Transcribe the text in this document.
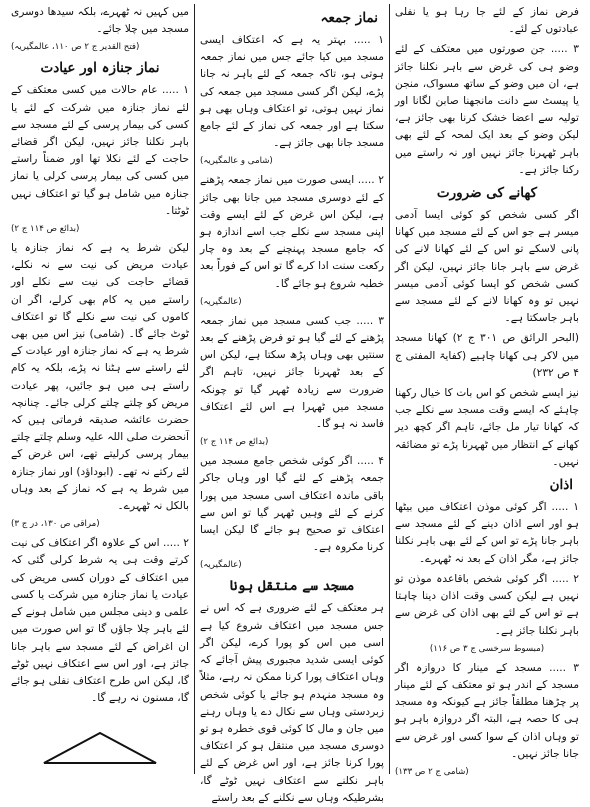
فرض نماز کے لئے جا رہا ہو یا نفلی عبادتوں کے لئے۔

۳ ..... جن صورتوں میں معتکف کے لئے وضو ہی کی غرض سے باہر نکلنا جائز ہے، ان میں وضو کے ساتھ مسواک، منجن یا پیسٹ سے دانت مانجھنا صابن لگانا اور تولیہ سے اعضا خشک کرنا بھی جائز ہے، لیکن وضو کے بعد ایک لمحہ کے لئے بھی باہر ٹھہرنا جائز نہیں اور نہ راستے میں رکنا جائز ہے۔

کھانے کی ضرورت

اگر کسی شخص کو کوئی ایسا آدمی میسر ہے جو اس کے لئے مسجد میں کھانا پانی لاسکے تو اس کے لئے کھانا لانے کی غرض سے باہر جانا جائز نہیں، لیکن اگر کسی شخص کو ایسا کوئی آدمی میسر نہیں تو وہ کھانا لانے کے لئے مسجد سے باہر جاسکتا ہے۔

(البحر الرائق ص ۳۰۱ ج ۲) کھانا مسجد میں لاکر ہی کھانا چاہیے (کفایۃ المفتی ج ۴ ص ۲۳۲)

نیز ایسے شخص کو اس بات کا خیال رکھنا چاہئے کہ ایسے وقت مسجد سے نکلے جب کہ کھانا تیار مل جائے، تاہم اگر کچھ دیر کھانے کے انتظار میں ٹھہرنا پڑے تو مضائقہ نہیں۔

اذان

۱ ..... اگر کوئی موذن اعتکاف میں بیٹھا ہو اور اسے اذان دینے کے لئے مسجد سے باہر جانا پڑے تو اس کے لئے بھی باہر نکلنا جائز ہے، مگر اذان کے بعد نہ ٹھہرے۔

۲ ..... اگر کوئی شخص باقاعدہ موذن تو نہیں ہے لیکن کسی وقت اذان دینا چاہتا ہے تو اس کے لئے بھی اذان کی غرض سے باہر نکلنا جائز ہے۔

(مبسوط سرخسی ج ۳ ص ۱۱۶)

۳ ..... مسجد کے مینار کا دروازہ اگر مسجد کے اندر ہو تو معتکف کے لئے مینار پر چڑھنا مطلقاً جائز ہے کیونکہ وہ مسجد ہی کا حصہ ہے، البتہ اگر دروازہ باہر ہو تو وہاں اذان کے سوا کسی اور غرض سے جانا جائز نہیں۔

(شامی ج ۲ ص ۱۳۳)
نماز جمعہ

۱ ..... بہتر یہ ہے کہ اعتکاف ایسی مسجد میں کیا جائے جس میں نماز جمعہ ہوتی ہو، تاکہ جمعہ کے لئے باہر نہ جانا پڑے، لیکن اگر کسی مسجد میں جمعہ کی نماز نہیں ہوتی، تو اعتکاف وہاں بھی ہو سکتا ہے اور جمعہ کی نماز کے لئے جامع مسجد جانا بھی جائز ہے۔

(شامی و عالمگیریہ)

۲ ..... ایسی صورت میں نماز جمعہ پڑھنے کے لئے دوسری مسجد میں جانا بھی جائز ہے، لیکن اس غرض کے لئے ایسے وقت اپنی مسجد سے نکلے جب اسے اندازہ ہو کہ جامع مسجد پہنچنے کے بعد وہ چار رکعت سنت ادا کرے گا تو اس کے فوراً بعد خطبہ شروع ہو جائے گا۔

(عالمگیریہ)

۳ ..... جب کسی مسجد میں نماز جمعہ پڑھنے کے لئے گیا ہو تو فرض پڑھنے کے بعد سنتیں بھی وہاں پڑھ سکتا ہے، لیکن اس کے بعد ٹھہرنا جائز نہیں، تاہم اگر ضرورت سے زیادہ ٹھہر گیا تو چونکہ مسجد میں ٹھہرا ہے اس لئے اعتکاف فاسد نہ ہو گا۔

(بدائع ص ۱۱۴ ج ۲)

۴ ..... اگر کوئی شخص جامع مسجد میں جمعہ پڑھنے کے لئے گیا اور وہاں جاکر باقی ماندہ اعتکاف اسی مسجد میں پورا کرنے کے لئے وہیں ٹھہر گیا تو اس سے اعتکاف تو صحیح ہو جائے گا لیکن ایسا کرنا مکروہ ہے۔

(عالمگیریہ)
مسجد سے منتقل ہونا

ہر معتکف کے لئے ضروری ہے کہ اس نے جس مسجد میں اعتکاف شروع کیا ہے اسی میں اس کو پورا کرے، لیکن اگر کوئی ایسی شدید مجبوری پیش آجائے کہ وہاں اعتکاف پورا کرنا ممکن نہ رہے، مثلاً وہ مسجد منہدم ہو جائے یا کوئی شخص زبردستی وہاں سے نکال دے یا وہاں رہنے میں جان و مال کا کوئی قوی خطرہ ہو تو دوسری مسجد میں منتقل ہو کر اعتکاف پورا کرنا جائز ہے، اور اس غرض کے لئے باہر نکلنے سے اعتکاف نہیں ٹوٹے گا، بشرطیکہ وہاں سے نکلنے کے بعد راستے

میں کہیں نہ ٹھہرے، بلکہ سیدھا دوسری مسجد میں چلا جائے۔

(فتح القدیر ج ۲ ص ۱۱۰، عالمگیریہ)
نماز جنازہ اور عیادت

۱ ..... عام حالات میں کسی معتکف کے لئے نماز جنازہ میں شرکت کے لئے یا کسی کی بیمار پرسی کے لئے مسجد سے باہر نکلنا جائز نہیں، لیکن اگر قضائے حاجت کے لئے نکلا تھا اور ضمناً راستے میں کسی کی بیمار پرسی کرلی یا نماز جنازہ میں شامل ہو گیا تو اعتکاف نہیں ٹوٹتا۔

(بدائع ص ۱۱۴ ج ۲)

لیکن شرط یہ ہے کہ نماز جنازہ یا عیادت مریض کی نیت سے نہ نکلے، قضائے حاجت کی نیت سے نکلے اور راستے میں یہ کام بھی کرلے، اگر ان کاموں کی نیت سے نکلے گا تو اعتکاف ٹوٹ جائے گا۔ (شامی) نیز اس میں بھی شرط یہ ہے کہ نماز جنازہ اور عیادت کے لئے راستے سے ہٹنا نہ پڑے، بلکہ یہ کام راستے ہی میں ہو جائیں، پھر عیادت مریض کو چلتے چلتے کرلی جائے۔ چنانچہ حضرت عائشہ صدیقہ فرماتی ہیں کہ آنحضرت صلی اللہ علیہ وسلم چلتے چلتے بیمار پرسی کرلیتے تھے، اس غرض کے لئے رکتے نہ تھے۔ (ابوداؤد) اور نماز جنازہ میں شرط یہ ہے کہ نماز کے بعد وہاں بالکل نہ ٹھہرے۔

(مراقی ص ۱۳۰، در ج ۳)

۲ ..... اس کے علاوہ اگر اعتکاف کی نیت کرتے وقت ہی یہ شرط کرلی گئی کہ میں اعتکاف کے دوران کسی مریض کی عیادت یا نماز جنازہ میں شرکت یا کسی علمی و دینی مجلس میں شامل ہونے کے لئے باہر چلا جاؤں گا تو اس صورت میں ان اغراض کے لئے مسجد سے باہر جانا جائز ہے، اور اس سے اعتکاف نہیں ٹوٹے گا، لیکن اس طرح اعتکاف نفلی ہو جائے گا، مسنون نہ رہے گا۔
